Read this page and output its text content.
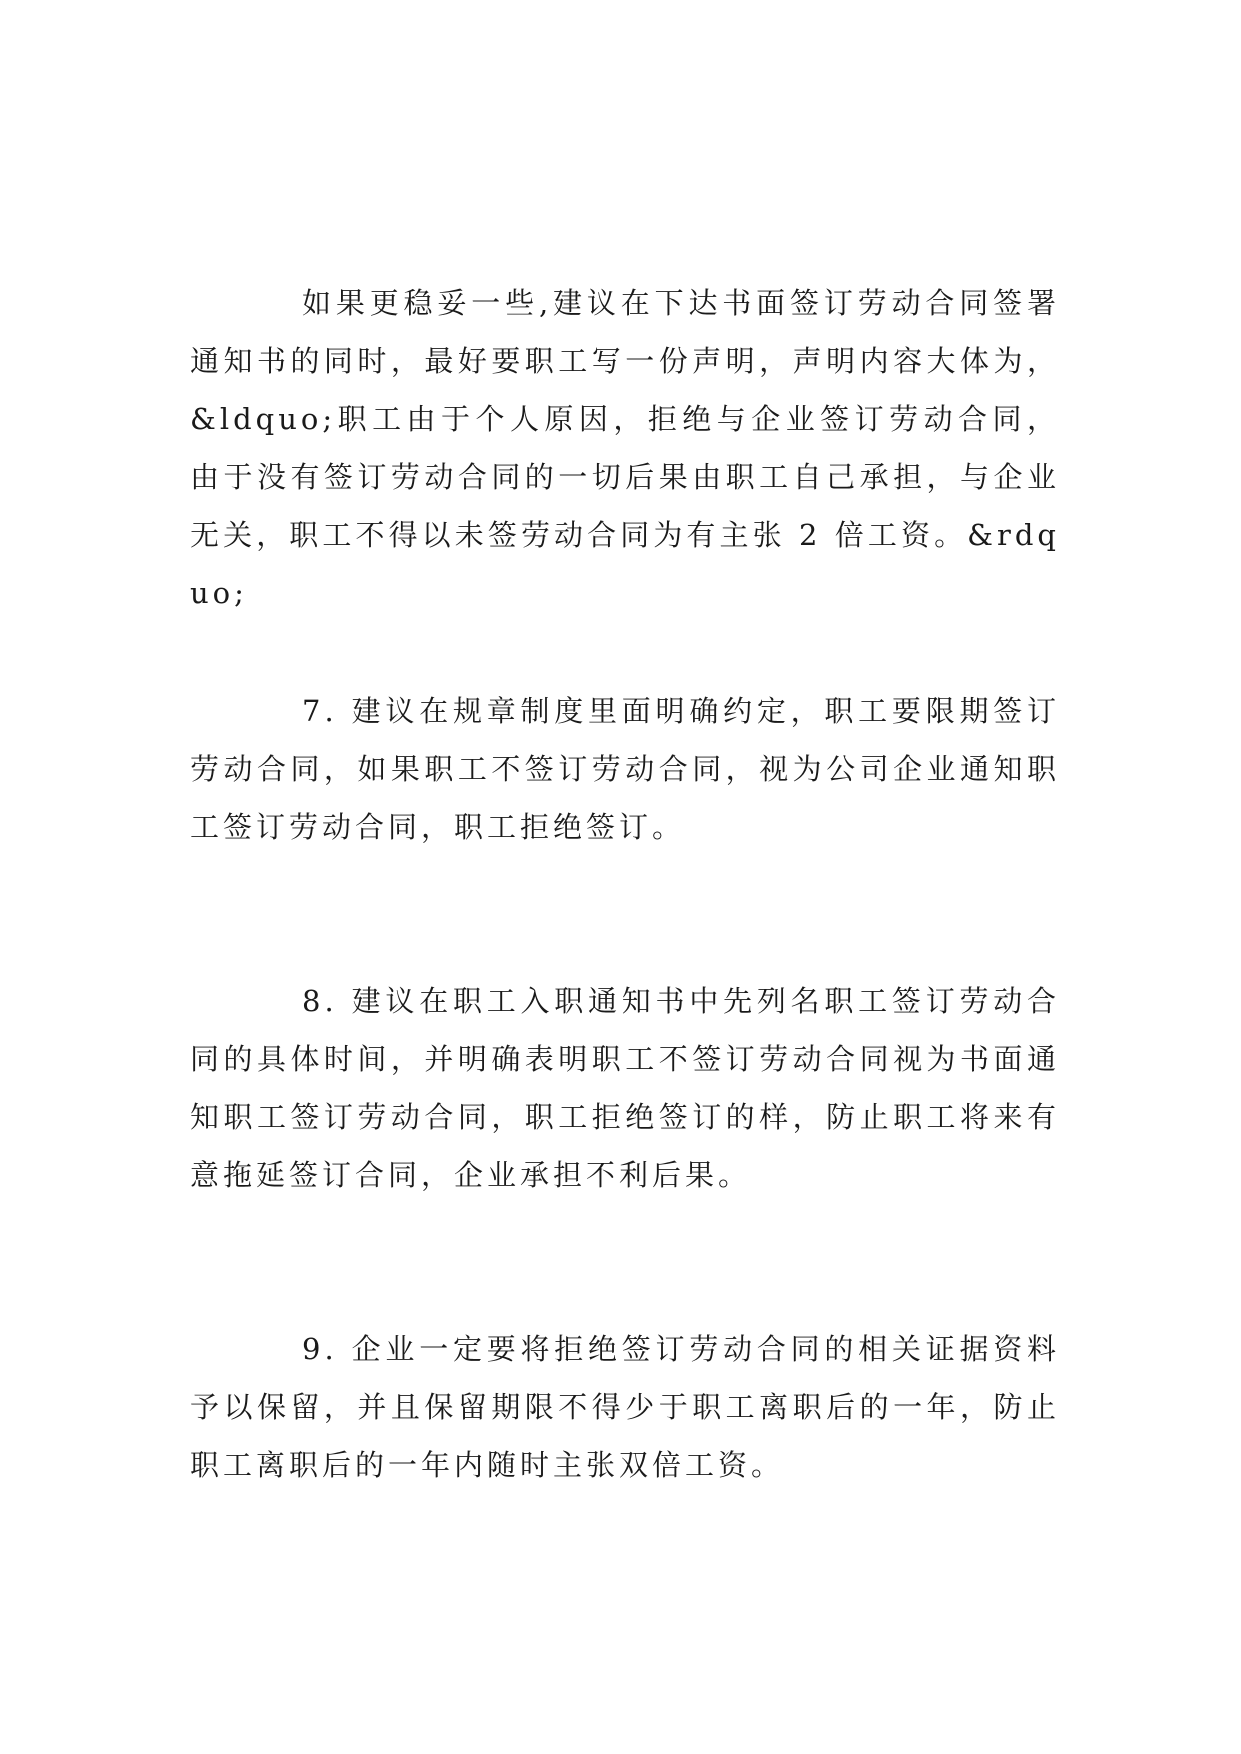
如果更稳妥一些,建议在下达书面签订劳动合同签署通知书的同时，最好要职工写一份声明，声明内容大体为，&ldquo;职工由于个人原因，拒绝与企业签订劳动合同，由于没有签订劳动合同的一切后果由职工自己承担，与企业无关，职工不得以未签劳动合同为有主张 2 倍工资。&rdquo;

7. 建议在规章制度里面明确约定，职工要限期签订劳动合同，如果职工不签订劳动合同，视为公司企业通知职工签订劳动合同，职工拒绝签订。

8. 建议在职工入职通知书中先列名职工签订劳动合同的具体时间，并明确表明职工不签订劳动合同视为书面通知职工签订劳动合同，职工拒绝签订的样，防止职工将来有意拖延签订合同，企业承担不利后果。

9. 企业一定要将拒绝签订劳动合同的相关证据资料予以保留，并且保留期限不得少于职工离职后的一年，防止职工离职后的一年内随时主张双倍工资。
